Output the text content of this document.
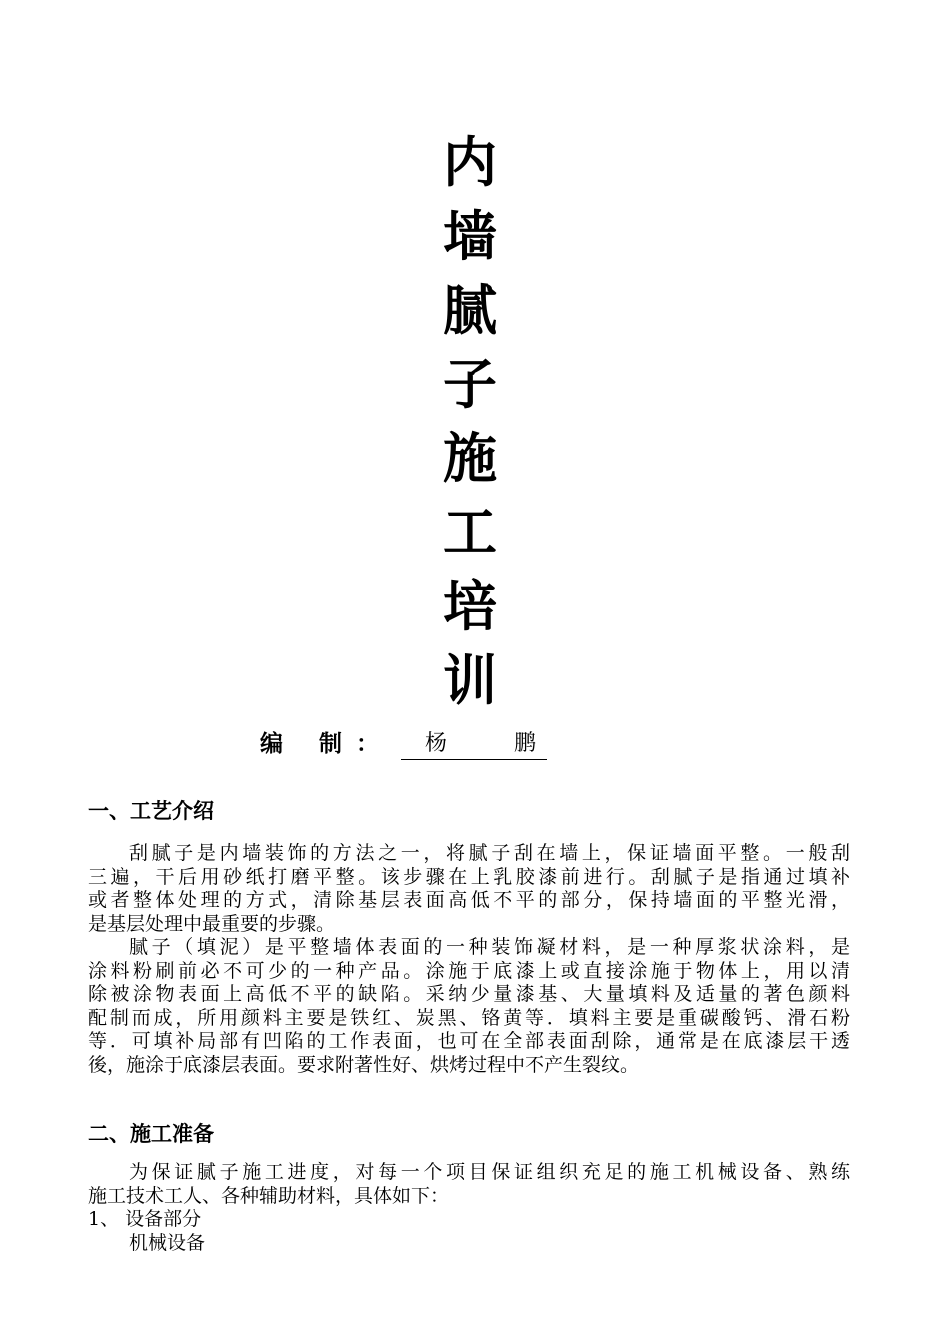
内
墙
腻
子
施
工
培
训
编 制：	杨 鹏
一、工艺介绍
刮腻子是内墙装饰的方法之一，将腻子刮在墙上，保证墙面平整。一般刮
三遍，干后用砂纸打磨平整。该步骤在上乳胶漆前进行。刮腻子是指通过填补
或者整体处理的方式，清除基层表面高低不平的部分，保持墙面的平整光滑，
是基层处理中最重要的步骤。
腻子（填泥）是平整墙体表面的一种装饰凝材料，是一种厚浆状涂料，是
涂料粉刷前必不可少的一种产品。涂施于底漆上或直接涂施于物体上，用以清
除被涂物表面上高低不平的缺陷。采纳少量漆基、大量填料及适量的著色颜料
配制而成，所用颜料主要是铁红、炭黑、铬黄等．填料主要是重碳酸钙、滑石粉
等．可填补局部有凹陷的工作表面，也可在全部表面刮除，通常是在底漆层干透
後，施涂于底漆层表面。要求附著性好、烘烤过程中不产生裂纹。
二、施工准备
为保证腻子施工进度，对每一个项目保证组织充足的施工机械设备、熟练
施工技术工人、各种辅助材料，具体如下：
1、 设备部分
机械设备
